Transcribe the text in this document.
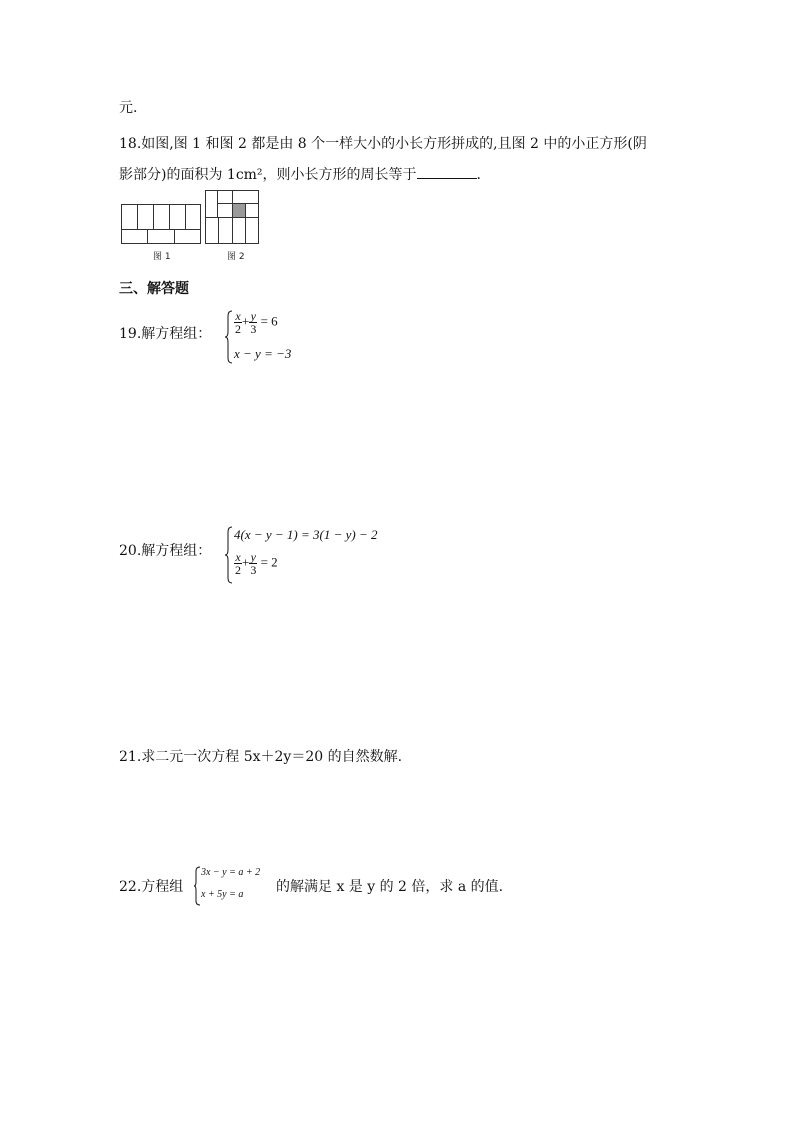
元.
18.如图,图 1 和图 2 都是由 8 个一样大小的小长方形拼成的,且图 2 中的小正方形(阴
影部分)的面积为 1cm²，则小长方形的周长等于	.
图 1	图 2
三、解答题
19.解方程组： $\frac{x}{2} + \frac{y}{3} = 6$
x − y = −3
20.解方程组：
4(x − y − 1) = 3(1 − y) − 2
$\frac{x}{2} + \frac{y}{3} = 2$
21.求二元一次方程 5x＋2y＝20 的自然数解.
22.方程组
3x − y = a + 2
x + 5y = a 的解满足 x 是 y 的 2 倍，求 a 的值.
